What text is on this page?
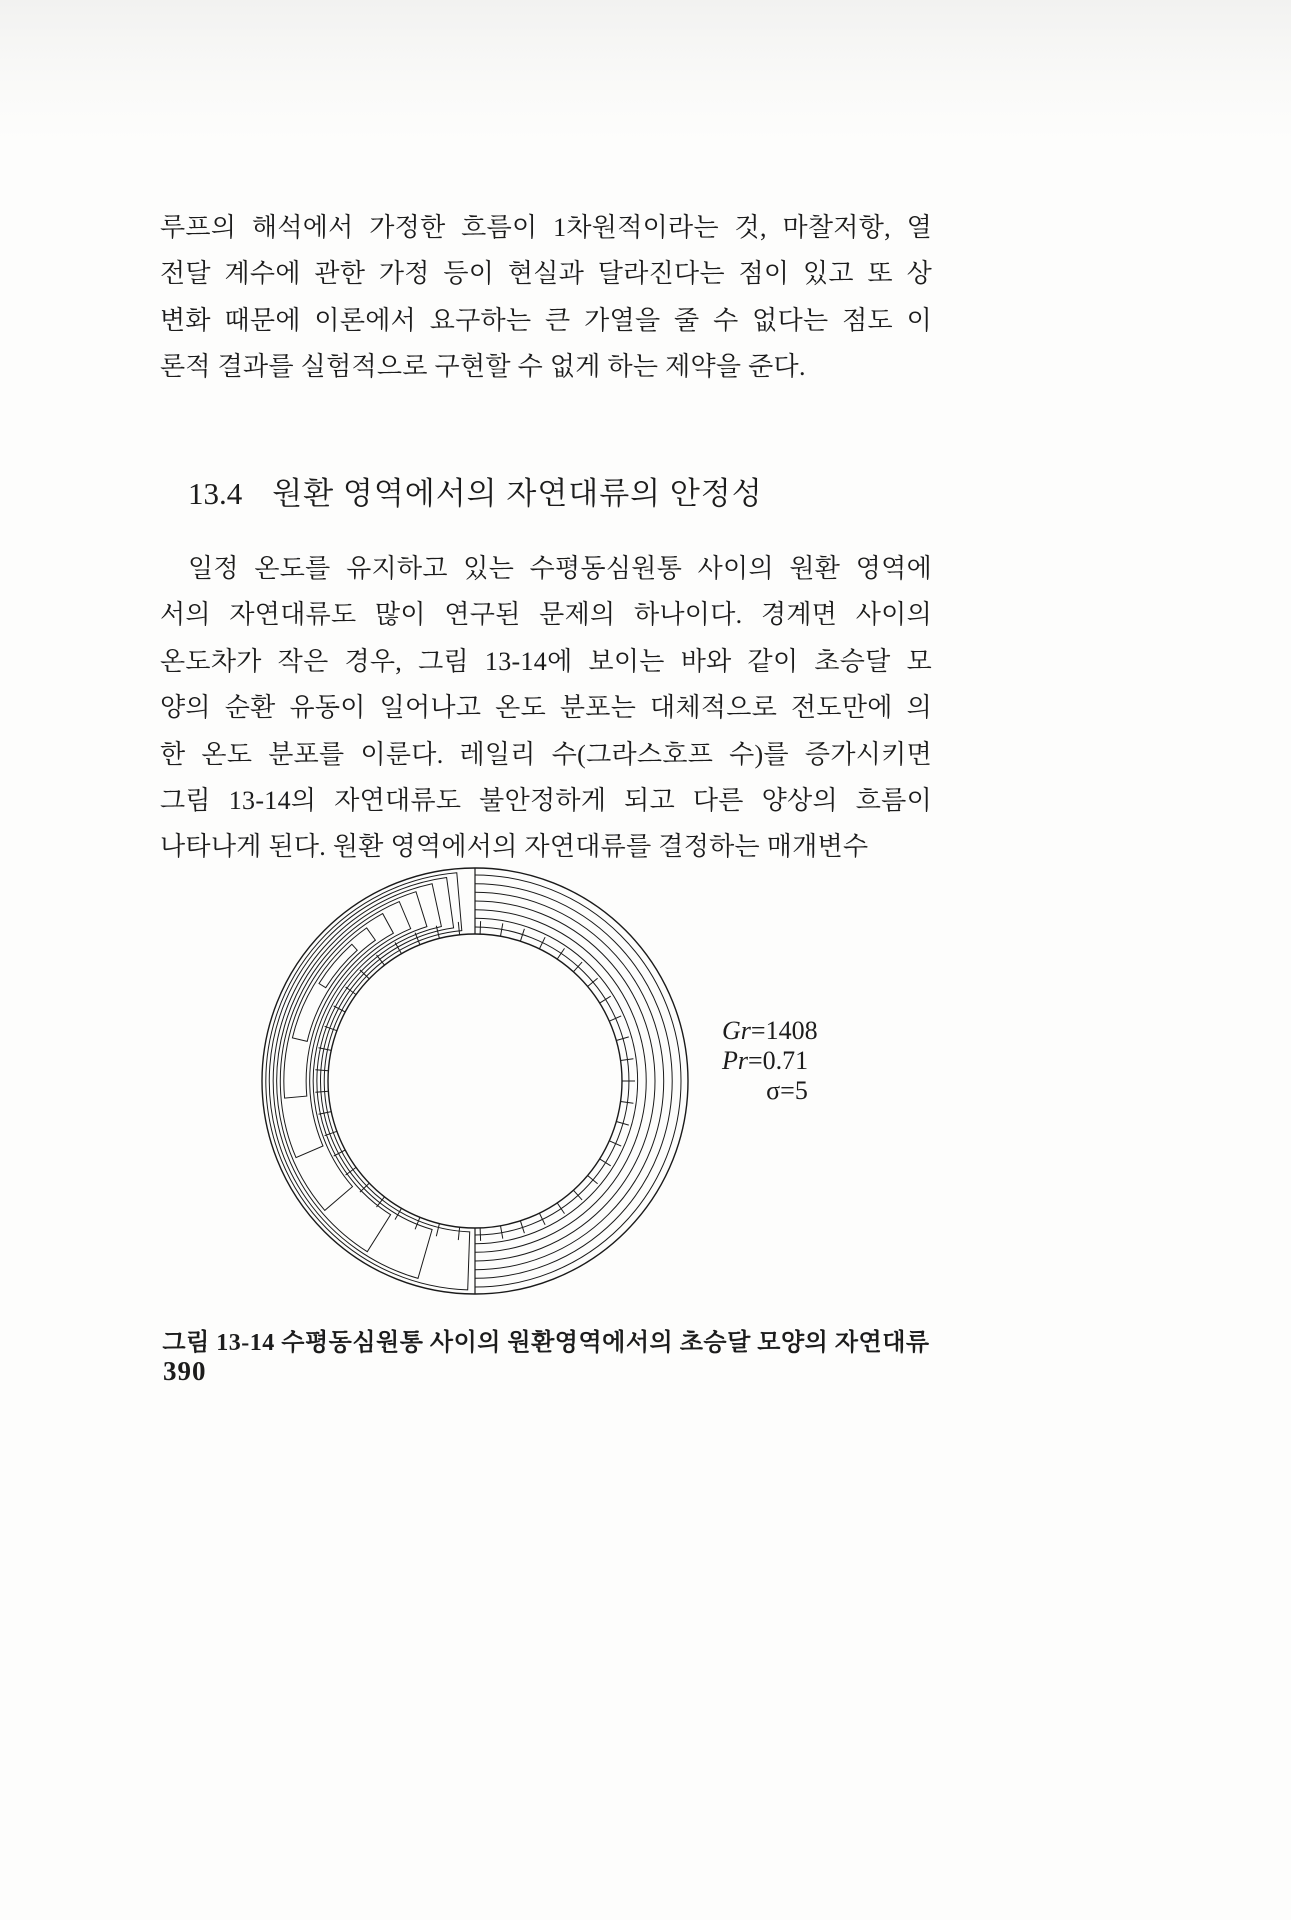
루프의 해석에서 가정한 흐름이 1차원적이라는 것, 마찰저항, 열
전달 계수에 관한 가정 등이 현실과 달라진다는 점이 있고 또 상
변화 때문에 이론에서 요구하는 큰 가열을 줄 수 없다는 점도 이
론적 결과를 실험적으로 구현할 수 없게 하는 제약을 준다.
13.4 원환 영역에서의 자연대류의 안정성
일정 온도를 유지하고 있는 수평동심원통 사이의 원환 영역에
서의 자연대류도 많이 연구된 문제의 하나이다. 경계면 사이의
온도차가 작은 경우, 그림 13-14에 보이는 바와 같이 초승달 모
양의 순환 유동이 일어나고 온도 분포는 대체적으로 전도만에 의
한 온도 분포를 이룬다. 레일리 수(그라스호프 수)를 증가시키면
그림 13-14의 자연대류도 불안정하게 되고 다른 양상의 흐름이
나타나게 된다. 원환 영역에서의 자연대류를 결정하는 매개변수
Gr=1408
Pr=0.71
σ=5
그림 13-14 수평동심원통 사이의 원환영역에서의 초승달 모양의 자연대류
390
